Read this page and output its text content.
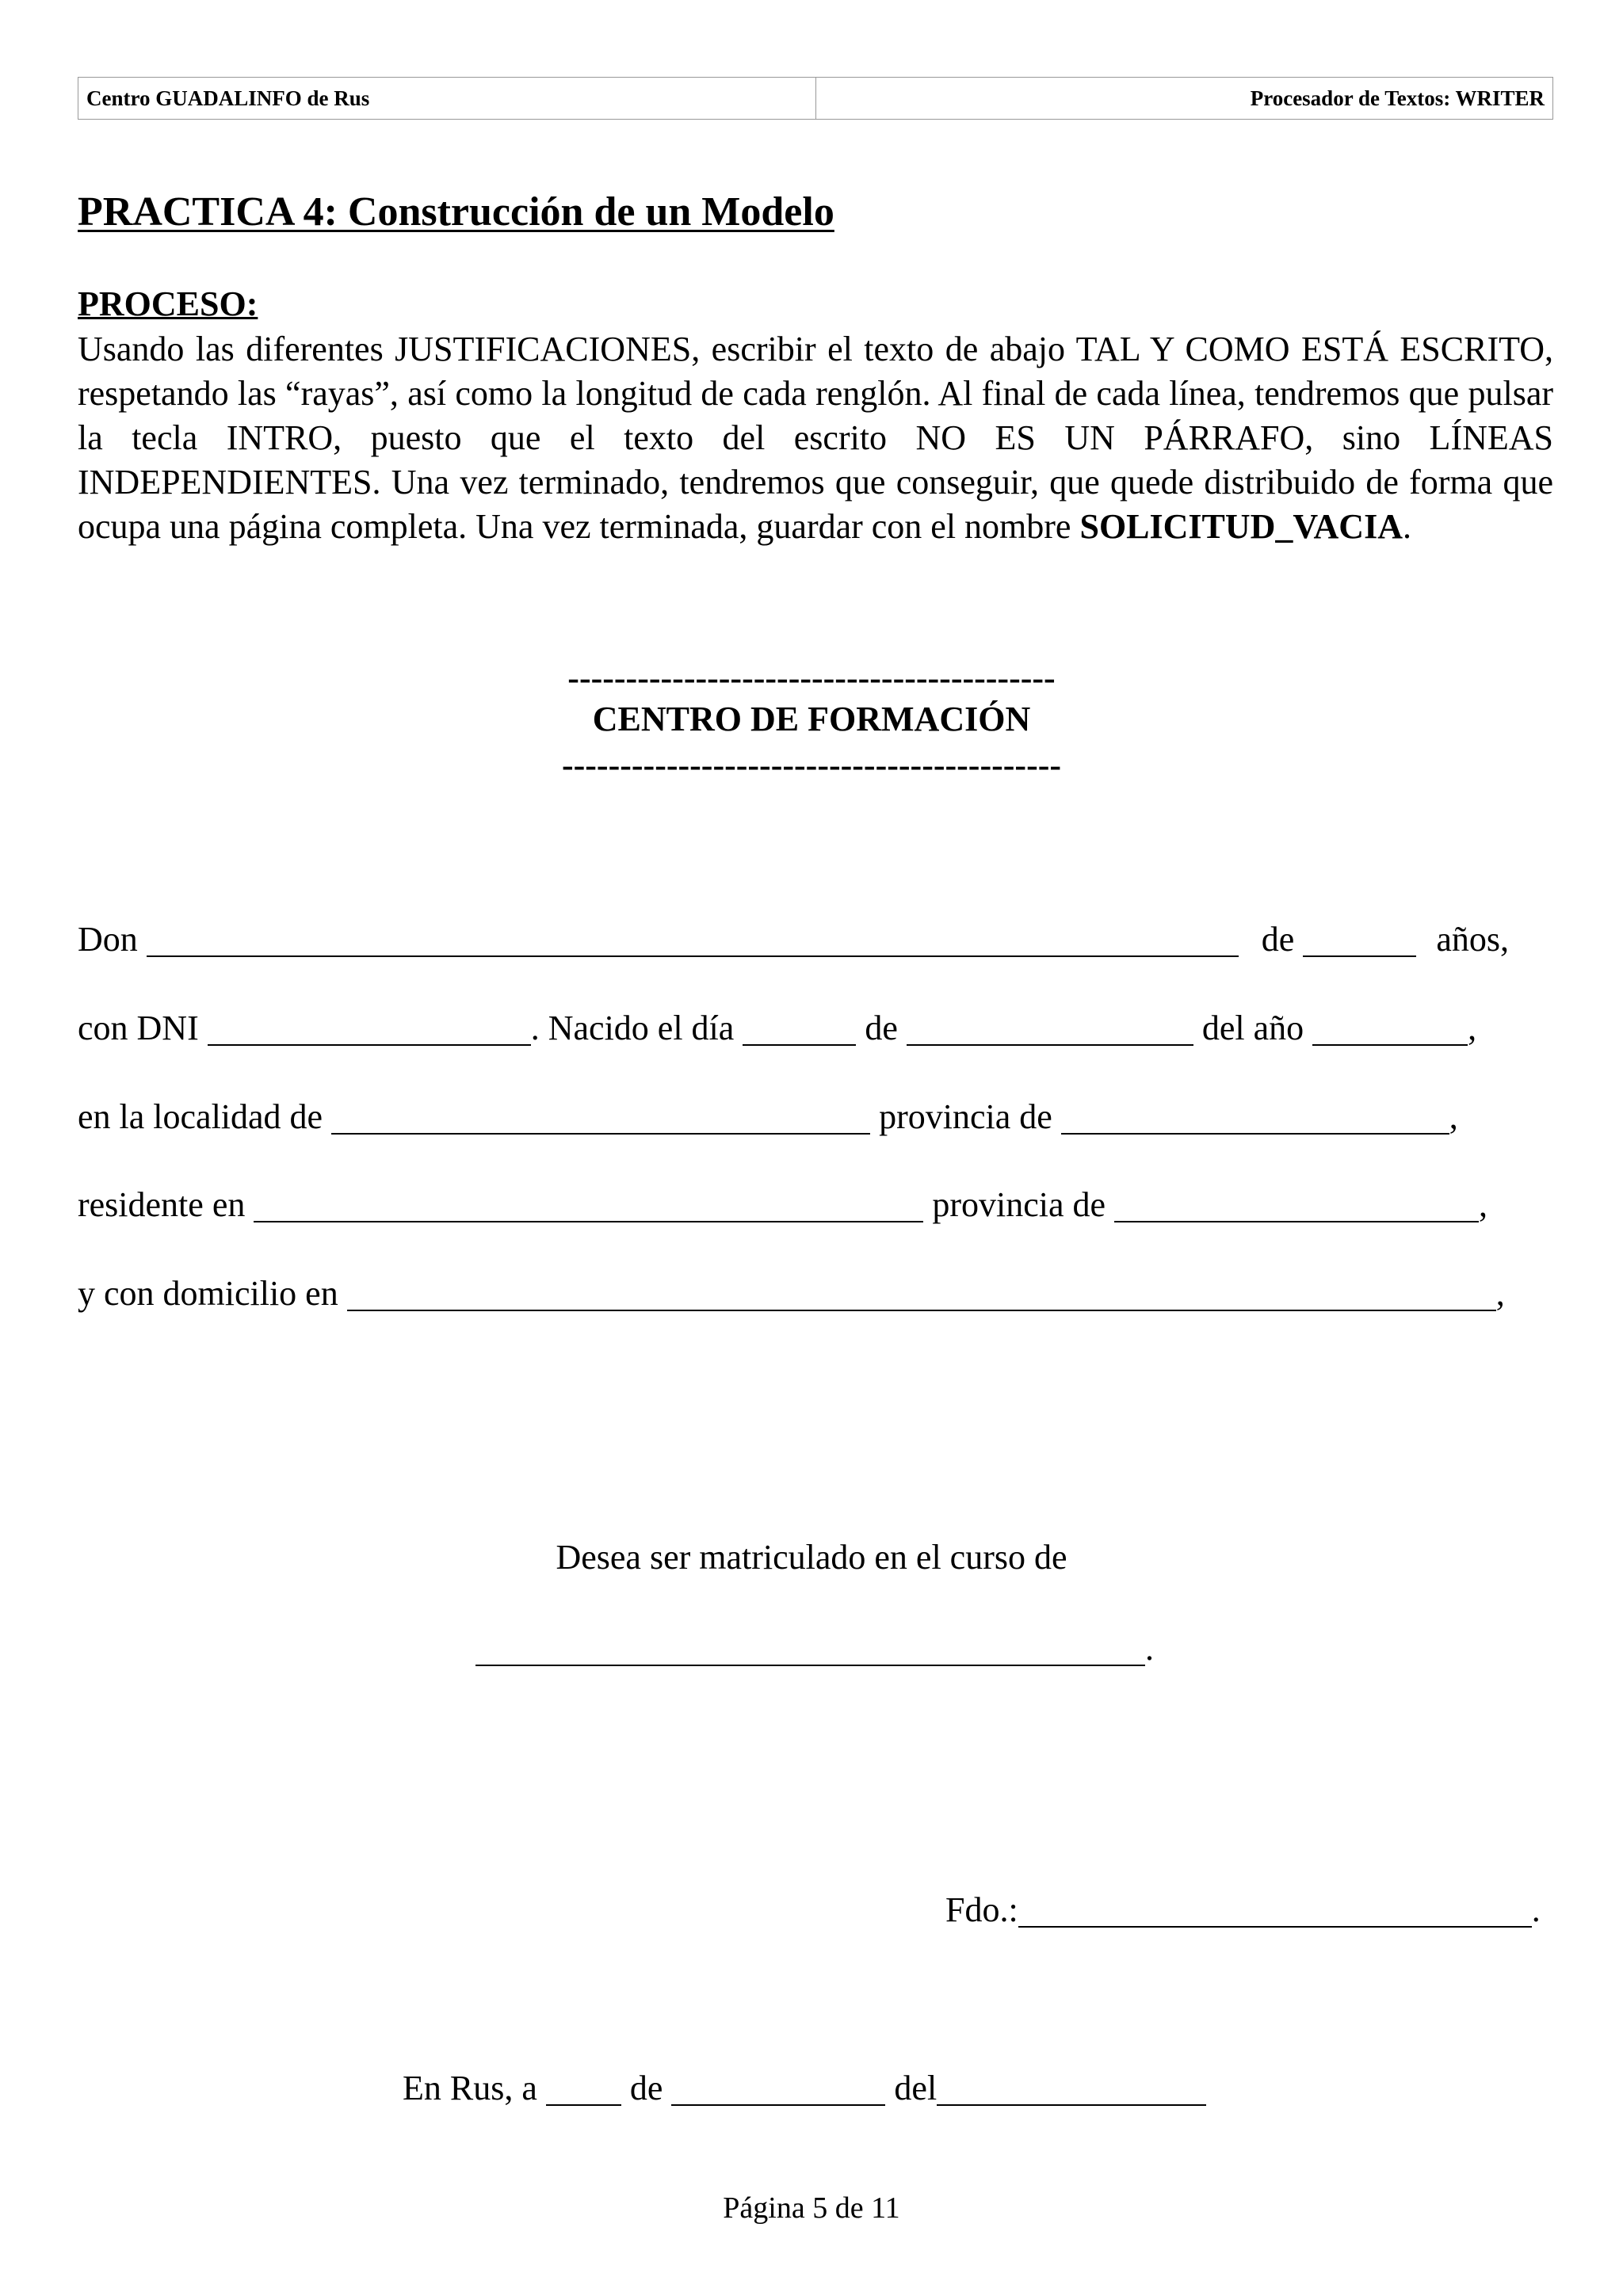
Centro GUADALINFO de Rus	Procesador de Textos: WRITER
PRACTICA 4: Construcción de un Modelo
PROCESO:
Usando las diferentes JUSTIFICACIONES, escribir el texto de abajo TAL Y COMO ESTÁ ESCRITO, respetando las “rayas”, así como la longitud de cada renglón. Al final de cada línea, tendremos que pulsar la tecla INTRO, puesto que el texto del escrito NO ES UN PÁRRAFO, sino LÍNEAS INDEPENDIENTES. Una vez terminado, tendremos que conseguir, que quede distribuido de forma que ocupa una página completa. Una vez terminada, guardar con el nombre SOLICITUD_VACIA.
------------------------------------------
CENTRO DE FORMACIÓN
-------------------------------------------
Don	de	años,
con DNI	. Nacido el día	de	del año	,
en la localidad de	provincia de	,
residente en	provincia de	,
y con domicilio en	,
Desea ser matriculado en el curso de
.
Fdo.:	.
En Rus, a	de	del
Página 5 de 11
